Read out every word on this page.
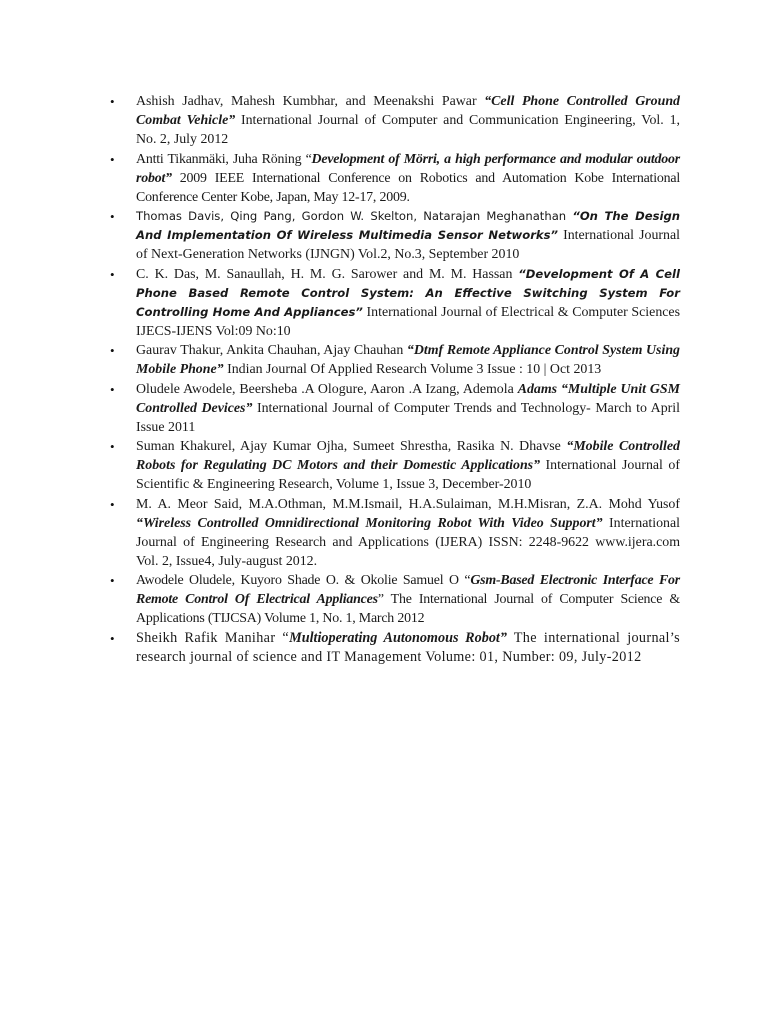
•	Ashish Jadhav, Mahesh Kumbhar, and Meenakshi Pawar “Cell Phone Controlled Ground Combat Vehicle” International Journal of Computer and Communication Engineering, Vol. 1, No. 2, July 2012
•	Antti Tikanmäki, Juha Röning “Development of Mörri, a high performance and modular outdoor robot” 2009 IEEE International Conference on Robotics and Automation Kobe International Conference Center Kobe, Japan, May 12-17, 2009.
•	Thomas Davis, Qing Pang, Gordon W. Skelton, Natarajan Meghanathan “On The Design And Implementation Of Wireless Multimedia Sensor Networks” International Journal of Next-Generation Networks (IJNGN) Vol.2, No.3, September 2010
•	C. K. Das, M. Sanaullah, H. M. G. Sarower and M. M. Hassan “Development Of A Cell Phone Based Remote Control System: An Effective Switching System For Controlling Home And Appliances” International Journal of Electrical & Computer Sciences IJECS-IJENS Vol:09 No:10
•	Gaurav Thakur, Ankita Chauhan, Ajay Chauhan “Dtmf Remote Appliance Control System Using Mobile Phone” Indian Journal Of Applied Research Volume 3 Issue : 10 | Oct 2013
•	Oludele Awodele, Beersheba .A Ologure, Aaron .A Izang, Ademola Adams “Multiple Unit GSM Controlled Devices” International Journal of Computer Trends and Technology- March to April Issue 2011
•	Suman Khakurel, Ajay Kumar Ojha, Sumeet Shrestha, Rasika N. Dhavse “Mobile Controlled Robots for Regulating DC Motors and their Domestic Applications” International Journal of Scientific & Engineering Research, Volume 1, Issue 3, December-2010
•	M. A. Meor Said, M.A.Othman, M.M.Ismail, H.A.Sulaiman, M.H.Misran, Z.A. Mohd Yusof “Wireless Controlled Omnidirectional Monitoring Robot With Video Support” International Journal of Engineering Research and Applications (IJERA) ISSN: 2248-9622 www.ijera.com Vol. 2, Issue4, July-august 2012.
•	Awodele Oludele, Kuyoro Shade O. & Okolie Samuel O “Gsm-Based Electronic Interface For Remote Control Of Electrical Appliances” The International Journal of Computer Science & Applications (TIJCSA) Volume 1, No. 1, March 2012
•	Sheikh Rafik Manihar “Multioperating Autonomous Robot” The international journal’s research journal of science and IT Management Volume: 01, Number: 09, July-2012
